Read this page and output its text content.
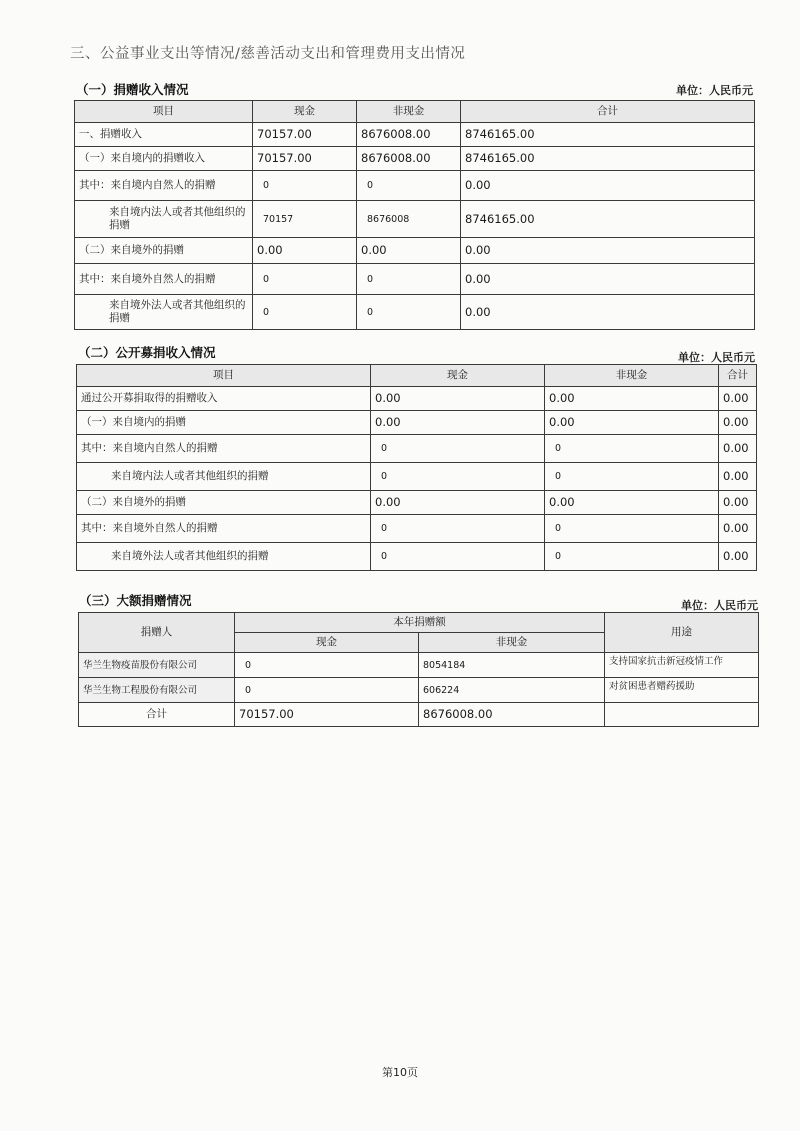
三、公益事业支出等情况/慈善活动支出和管理费用支出情况
（一）捐赠收入情况	单位：人民币元
项目	现金	非现金	合计
一、捐赠收入	70157.00	8676008.00	8746165.00
（一）来自境内的捐赠收入	70157.00	8676008.00	8746165.00
其中：来自境内自然人的捐赠	0	0	0.00
来自境内法人或者其他组织的捐赠	70157	8676008	8746165.00
（二）来自境外的捐赠	0.00	0.00	0.00
其中：来自境外自然人的捐赠	0	0	0.00
来自境外法人或者其他组织的捐赠	0	0	0.00
（二）公开募捐收入情况	单位：人民币元
项目	现金	非现金	合计
通过公开募捐取得的捐赠收入	0.00	0.00	0.00
（一）来自境内的捐赠	0.00	0.00	0.00
其中：来自境内自然人的捐赠	0	0	0.00
来自境内法人或者其他组织的捐赠	0	0	0.00
（二）来自境外的捐赠	0.00	0.00	0.00
其中：来自境外自然人的捐赠	0	0	0.00
来自境外法人或者其他组织的捐赠	0	0	0.00
（三）大额捐赠情况	单位：人民币元
捐赠人	本年捐赠额		用途
	现金	非现金	
华兰生物疫苗股份有限公司	0	8054184	支持国家抗击新冠疫情工作
华兰生物工程股份有限公司	0	606224	对贫困患者赠药援助
合计	70157.00	8676008.00	
第10页
